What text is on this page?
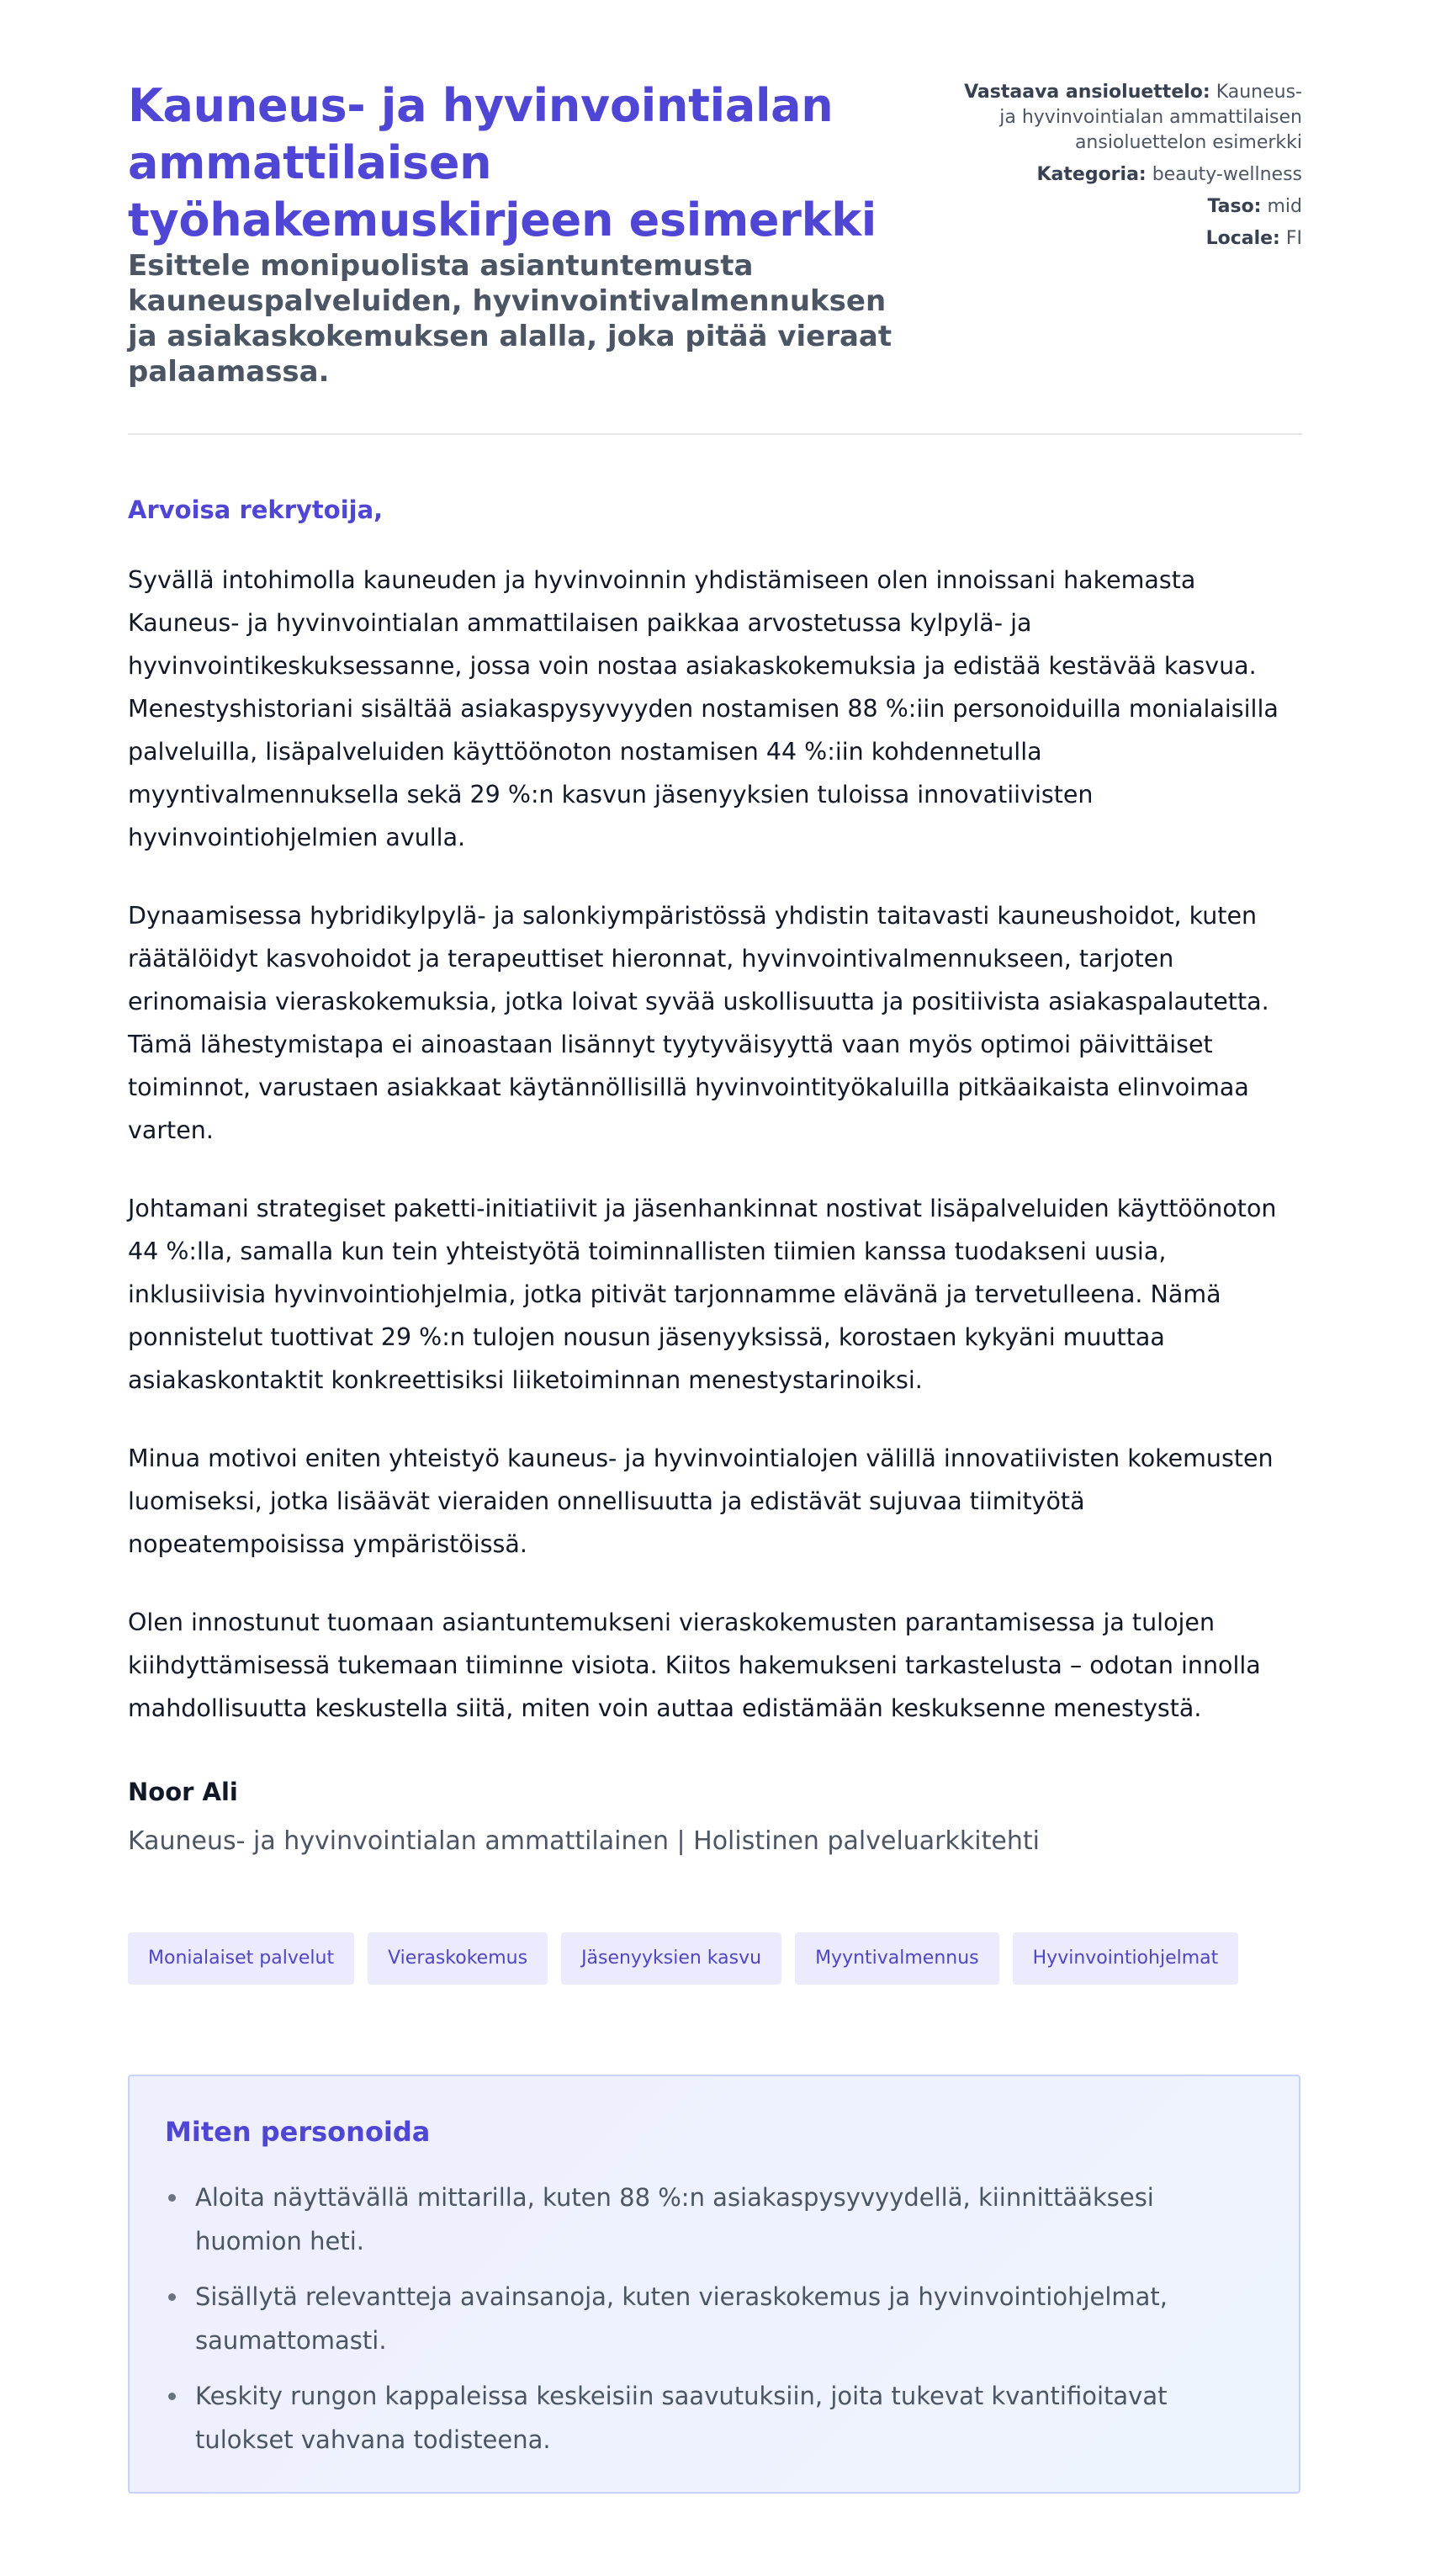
Kauneus- ja hyvinvointialan ammattilaisen työhakemuskirjeen esimerkki
Esittele monipuolista asiantuntemusta kauneuspalveluiden, hyvinvointivalmennuksen ja asiakaskokemuksen alalla, joka pitää vieraat palaamassa.
Vastaava ansioluettelo: Kauneus- ja hyvinvointialan ammattilaisen ansioluettelon esimerkki
Kategoria: beauty-wellness
Taso: mid
Locale: FI

Arvoisa rekrytoija,

Syvällä intohimolla kauneuden ja hyvinvoinnin yhdistämiseen olen innoissani hakemasta Kauneus- ja hyvinvointialan ammattilaisen paikkaa arvostetussa kylpylä- ja hyvinvointikeskuksessanne, jossa voin nostaa asiakaskokemuksia ja edistää kestävää kasvua. Menestyshistoriani sisältää asiakaspysyvyyden nostamisen 88 %:iin personoiduilla monialaisilla palveluilla, lisäpalveluiden käyttöönoton nostamisen 44 %:iin kohdennetulla myyntivalmennuksella sekä 29 %:n kasvun jäsenyyksien tuloissa innovatiivisten hyvinvointiohjelmien avulla.

Dynaamisessa hybridikylpylä- ja salonkiympäristössä yhdistin taitavasti kauneushoidot, kuten räätälöidyt kasvohoidot ja terapeuttiset hieronnat, hyvinvointivalmennukseen, tarjoten erinomaisia vieraskokemuksia, jotka loivat syvää uskollisuutta ja positiivista asiakaspalautetta. Tämä lähestymistapa ei ainoastaan lisännyt tyytyväisyyttä vaan myös optimoi päivittäiset toiminnot, varustaen asiakkaat käytännöllisillä hyvinvointityökaluilla pitkäaikaista elinvoimaa varten.

Johtamani strategiset paketti-initiatiivit ja jäsenhankinnat nostivat lisäpalveluiden käyttöönoton 44 %:lla, samalla kun tein yhteistyötä toiminnallisten tiimien kanssa tuodakseni uusia, inklusiivisia hyvinvointiohjelmia, jotka pitivät tarjonnamme elävänä ja tervetulleena. Nämä ponnistelut tuottivat 29 %:n tulojen nousun jäsenyyksissä, korostaen kykyäni muuttaa asiakaskontaktit konkreettisiksi liiketoiminnan menestystarinoiksi.

Minua motivoi eniten yhteistyö kauneus- ja hyvinvointialojen välillä innovatiivisten kokemusten luomiseksi, jotka lisäävät vieraiden onnellisuutta ja edistävät sujuvaa tiimityötä nopeatempoisissa ympäristöissä.

Olen innostunut tuomaan asiantuntemukseni vieraskokemusten parantamisessa ja tulojen kiihdyttämisessä tukemaan tiiminne visiota. Kiitos hakemukseni tarkastelusta – odotan innolla mahdollisuutta keskustella siitä, miten voin auttaa edistämään keskuksenne menestystä.

Noor Ali

Kauneus- ja hyvinvointialan ammattilainen | Holistinen palveluarkkitehti

Monialaiset palvelut	Vieraskokemus	Jäsenyyksien kasvu	Myyntivalmennus	Hyvinvointiohjelmat
Miten personoida
Aloita näyttävällä mittarilla, kuten 88 %:n asiakaspysyvyydellä, kiinnittääksesi huomion heti.
Sisällytä relevantteja avainsanoja, kuten vieraskokemus ja hyvinvointiohjelmat, saumattomasti.
Keskity rungon kappaleissa keskeisiin saavutuksiin, joita tukevat kvantifioitavat tulokset vahvana todisteena.
